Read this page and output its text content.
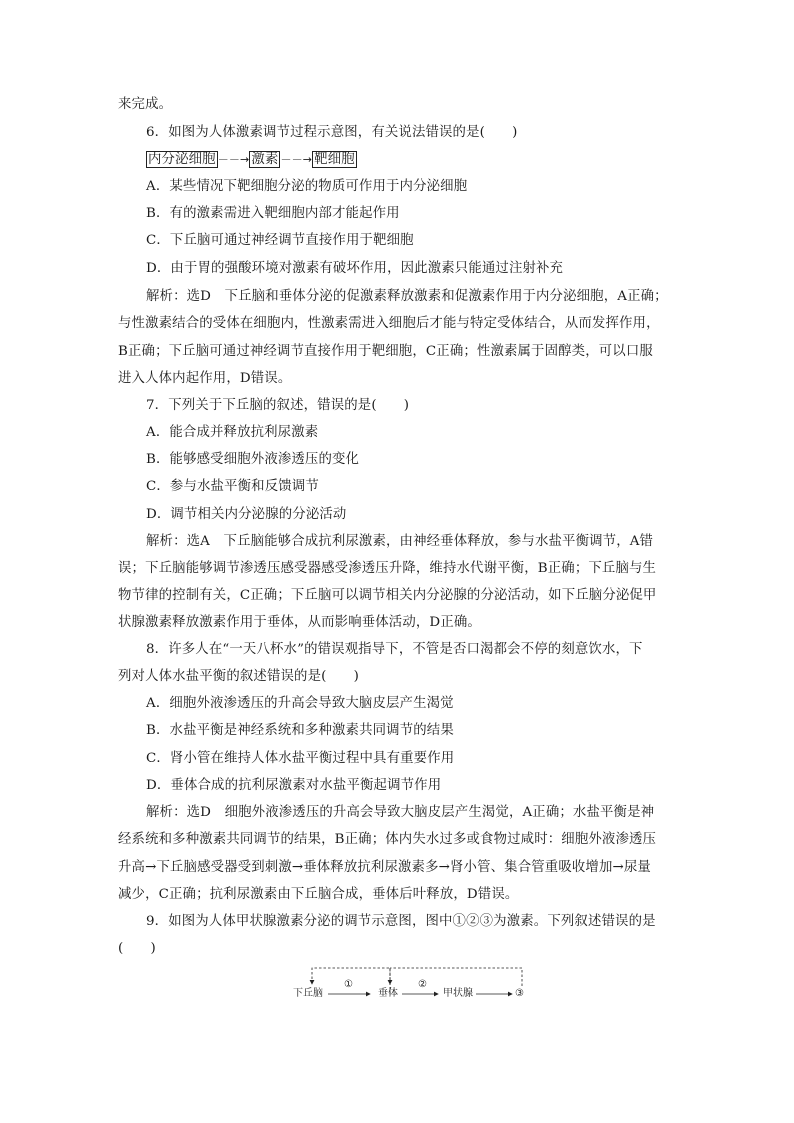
来完成。
6．如图为人体激素调节过程示意图，有关说法错误的是(　　)
内分泌细胞 －－→ 激素 －－→ 靶细胞
A．某些情况下靶细胞分泌的物质可作用于内分泌细胞
B．有的激素需进入靶细胞内部才能起作用
C．下丘脑可通过神经调节直接作用于靶细胞
D．由于胃的强酸环境对激素有破坏作用，因此激素只能通过注射补充
解析：选D　下丘脑和垂体分泌的促激素释放激素和促激素作用于内分泌细胞，A正确；
与性激素结合的受体在细胞内，性激素需进入细胞后才能与特定受体结合，从而发挥作用，
B正确；下丘脑可通过神经调节直接作用于靶细胞，C正确；性激素属于固醇类，可以口服
进入人体内起作用，D错误。
7．下列关于下丘脑的叙述，错误的是(　　)
A．能合成并释放抗利尿激素
B．能够感受细胞外液渗透压的变化
C．参与水盐平衡和反馈调节
D．调节相关内分泌腺的分泌活动
解析：选A　下丘脑能够合成抗利尿激素，由神经垂体释放，参与水盐平衡调节，A错
误；下丘脑能够调节渗透压感受器感受渗透压升降，维持水代谢平衡，B正确；下丘脑与生
物节律的控制有关，C正确；下丘脑可以调节相关内分泌腺的分泌活动，如下丘脑分泌促甲
状腺激素释放激素作用于垂体，从而影响垂体活动，D正确。
8．许多人在“一天八杯水”的错误观指导下，不管是否口渴都会不停的刻意饮水，下
列对人体水盐平衡的叙述错误的是(　　)
A．细胞外液渗透压的升高会导致大脑皮层产生渴觉
B．水盐平衡是神经系统和多种激素共同调节的结果
C．肾小管在维持人体水盐平衡过程中具有重要作用
D．垂体合成的抗利尿激素对水盐平衡起调节作用
解析：选D　细胞外液渗透压的升高会导致大脑皮层产生渴觉，A正确；水盐平衡是神
经系统和多种激素共同调节的结果，B正确；体内失水过多或食物过咸时：细胞外液渗透压
升高→下丘脑感受器受到刺激→垂体释放抗利尿激素多→肾小管、集合管重吸收增加→尿量
减少，C正确；抗利尿激素由下丘脑合成，垂体后叶释放，D错误。
9．如图为人体甲状腺激素分泌的调节示意图，图中①②③为激素。下列叙述错误的是
(　　)
下丘脑
①
垂体
②
甲状腺	③
